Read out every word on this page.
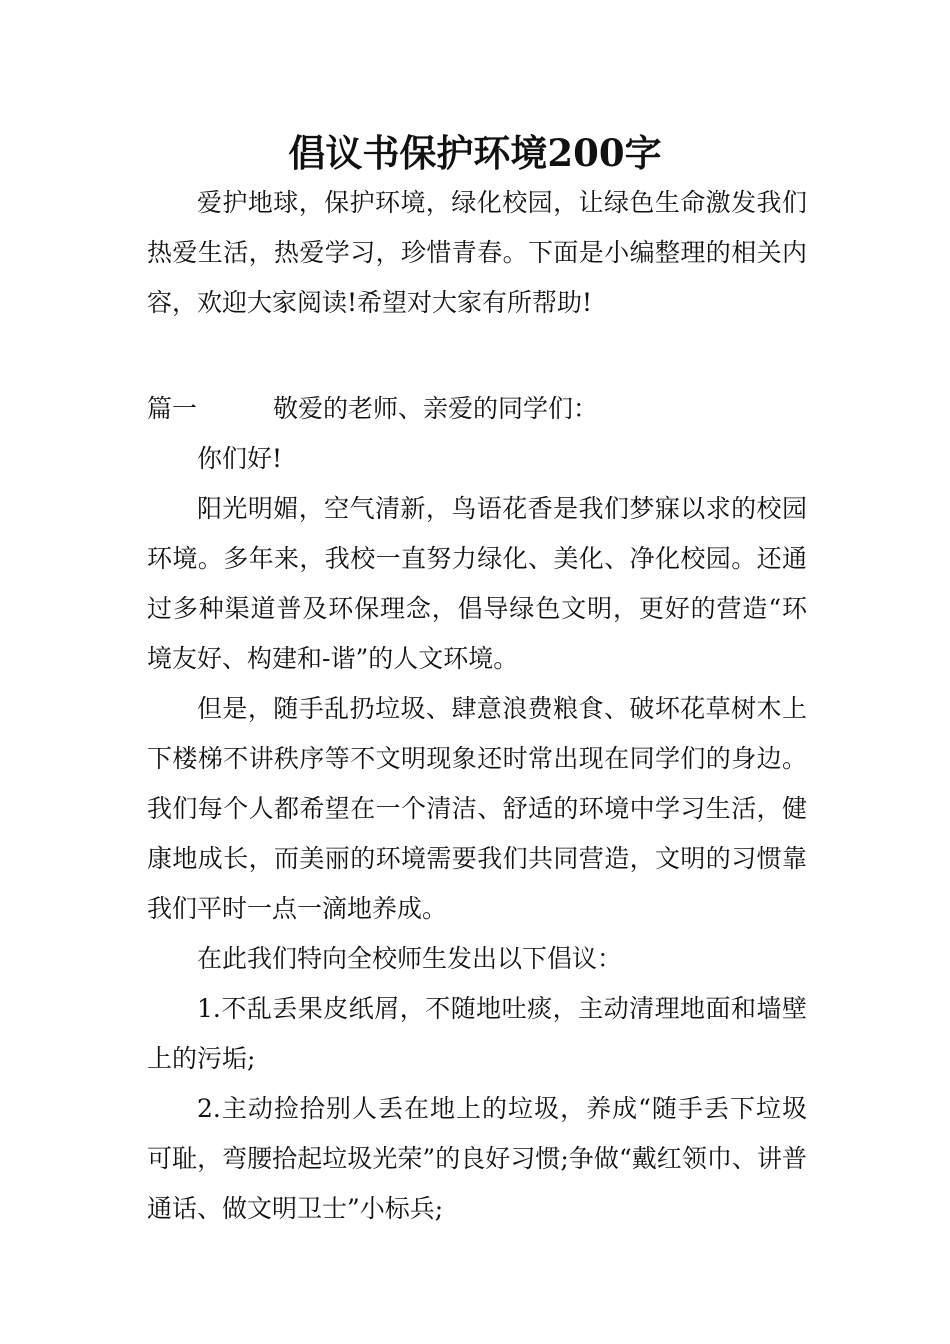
倡议书保护环境200字

爱护地球，保护环境，绿化校园，让绿色生命激发我们热爱生活，热爱学习，珍惜青春。下面是小编整理的相关内容，欢迎大家阅读!希望对大家有所帮助!

篇一	敬爱的老师、亲爱的同学们：

你们好!

阳光明媚，空气清新，鸟语花香是我们梦寐以求的校园环境。多年来，我校一直努力绿化、美化、净化校园。还通过多种渠道普及环保理念，倡导绿色文明，更好的营造“环境友好、构建和-谐”的人文环境。

但是，随手乱扔垃圾、肆意浪费粮食、破坏花草树木上下楼梯不讲秩序等不文明现象还时常出现在同学们的身边。我们每个人都希望在一个清洁、舒适的环境中学习生活，健康地成长，而美丽的环境需要我们共同营造，文明的习惯靠我们平时一点一滴地养成。

在此我们特向全校师生发出以下倡议：

1.不乱丢果皮纸屑，不随地吐痰，主动清理地面和墙壁上的污垢;

2.主动捡拾别人丢在地上的垃圾，养成“随手丢下垃圾可耻，弯腰拾起垃圾光荣”的良好习惯;争做“戴红领巾、讲普通话、做文明卫士”小标兵;
